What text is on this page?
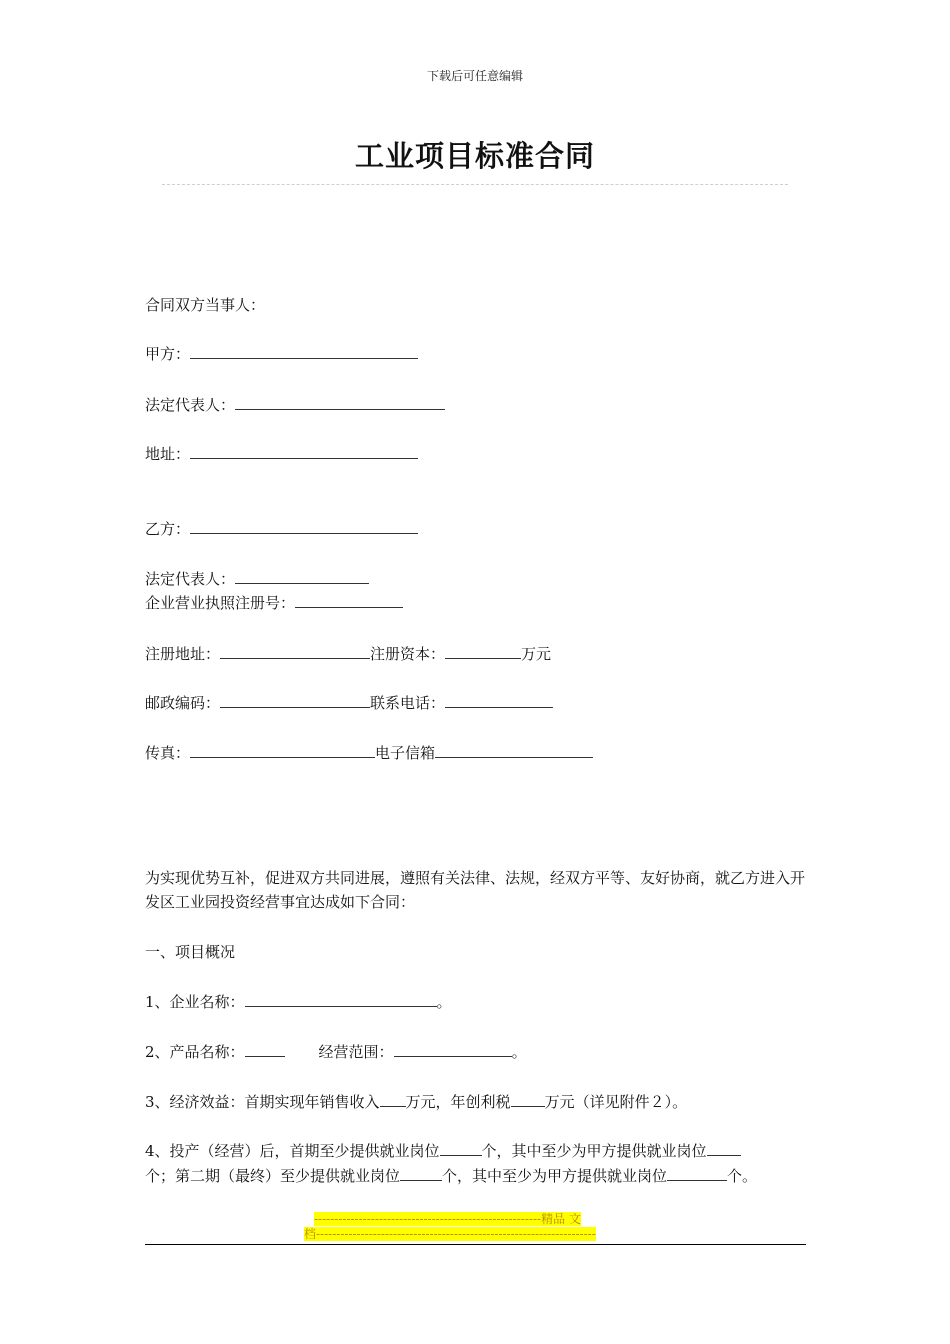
下载后可任意编辑
工业项目标准合同
合同双方当事人：
甲方：
法定代表人：
地址：
乙方：
法定代表人：
企业营业执照注册号：
注册地址：	注册资本：	万元
邮政编码：	联系电话：
传真：	电子信箱
为实现优势互补，促进双方共同进展，遵照有关法律、法规，经双方平等、友好协商，就乙方进入开发区工业园投资经营事宜达成如下合同：
一、项目概况
1、企业名称：	。
2、产品名称：	经营范围：	。
3、经济效益：首期实现年销售收入 万元，年创利税 万元（详见附件２）。
4、投产（经营）后，首期至少提供就业岗位	个，其中至少为甲方提供就业岗位
个；第二期（最终）至少提供就业岗位	个，其中至少为甲方提供就业岗位	个。
--------------------------------------------------------精品 文
档---------------------------------------------------------------------
